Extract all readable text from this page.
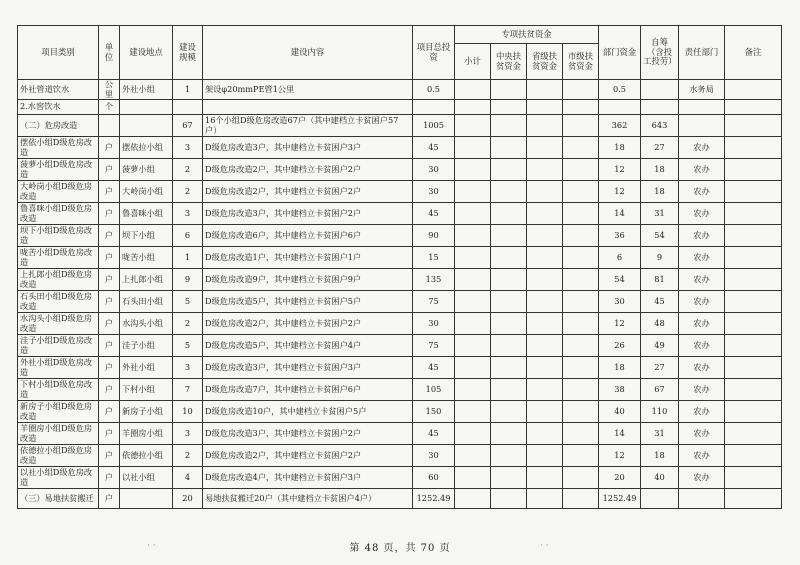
项目类别	单位	建设地点	建设规模	建设内容	项目总投资	专项扶贫资金				部门资金	自筹（含投工投劳）	责任部门	备注
						小计	中央扶贫资金	省级扶贫资金	市级扶贫资金				
外社管道饮水	公里	外社小组	1	架设φ20mmPE管1公里	0.5					0.5		水务局	
2.水窖饮水	个												
（二）危房改造			67	16个小组D级危房改造67户（其中建档立卡贫困户57户）	1005					362	643		
摆依小组D级危房改造	户	摆依拉小组	3	D级危房改造3户，其中建档立卡贫困户3户	45					18	27	农办	
菠萝小组D级危房改造	户	菠萝小组	2	D级危房改造2户，其中建档立卡贫困户2户	30					12	18	农办	
大岭岗小组D级危房改造	户	大岭岗小组	2	D级危房改造2户，其中建档立卡贫困户2户	30					12	18	农办	
鲁喜咪小组D级危房改造	户	鲁喜咪小组	3	D级危房改造3户，其中建档立卡贫困户2户	45					14	31	农办	
坝下小组D级危房改造	户	坝下小组	6	D级危房改造6户，其中建档立卡贫困户6户	90					36	54	农办	
咙苦小组D级危房改造	户	咙苦小组	1	D级危房改造1户，其中建档立卡贫困户1户	15					6	9	农办	
上扎郎小组D级危房改造	户	上扎郎小组	9	D级危房改造9户，其中建档立卡贫困户9户	135					54	81	农办	
石头田小组D级危房改造	户	石头田小组	5	D级危房改造5户，其中建档立卡贫困户5户	75					30	45	农办	
水沟头小组D级危房改造	户	水沟头小组	2	D级危房改造2户，其中建档立卡贫困户2户	30					12	48	农办	
洼子小组D级危房改造	户	洼子小组	5	D级危房改造5户，其中建档立卡贫困户4户	75					26	49	农办	
外社小组D级危房改造	户	外社小组	3	D级危房改造3户，其中建档立卡贫困户3户	45					18	27	农办	
下村小组D级危房改造	户	下村小组	7	D级危房改造7户，其中建档立卡贫困户6户	105					38	67	农办	
新房子小组D级危房改造	户	新房子小组	10	D级危房改造10户，其中建档立卡贫困户5户	150					40	110	农办	
羊圈房小组D级危房改造	户	羊圈房小组	3	D级危房改造3户，其中建档立卡贫困户2户	45					14	31	农办	
依德拉小组D级危房改造	户	依德拉小组	2	D级危房改造2户，其中建档立卡贫困户2户	30					12	18	农办	
以社小组D级危房改造	户	以社小组	4	D级危房改造4户，其中建档立卡贫困户3户	60					20	40	农办	
（三）易地扶贫搬迁	户		20	易地扶贫搬迁20户（其中建档立卡贫困户4户）	1252.49					1252.49			
第 48 页，共 70 页
· ·	· ·
